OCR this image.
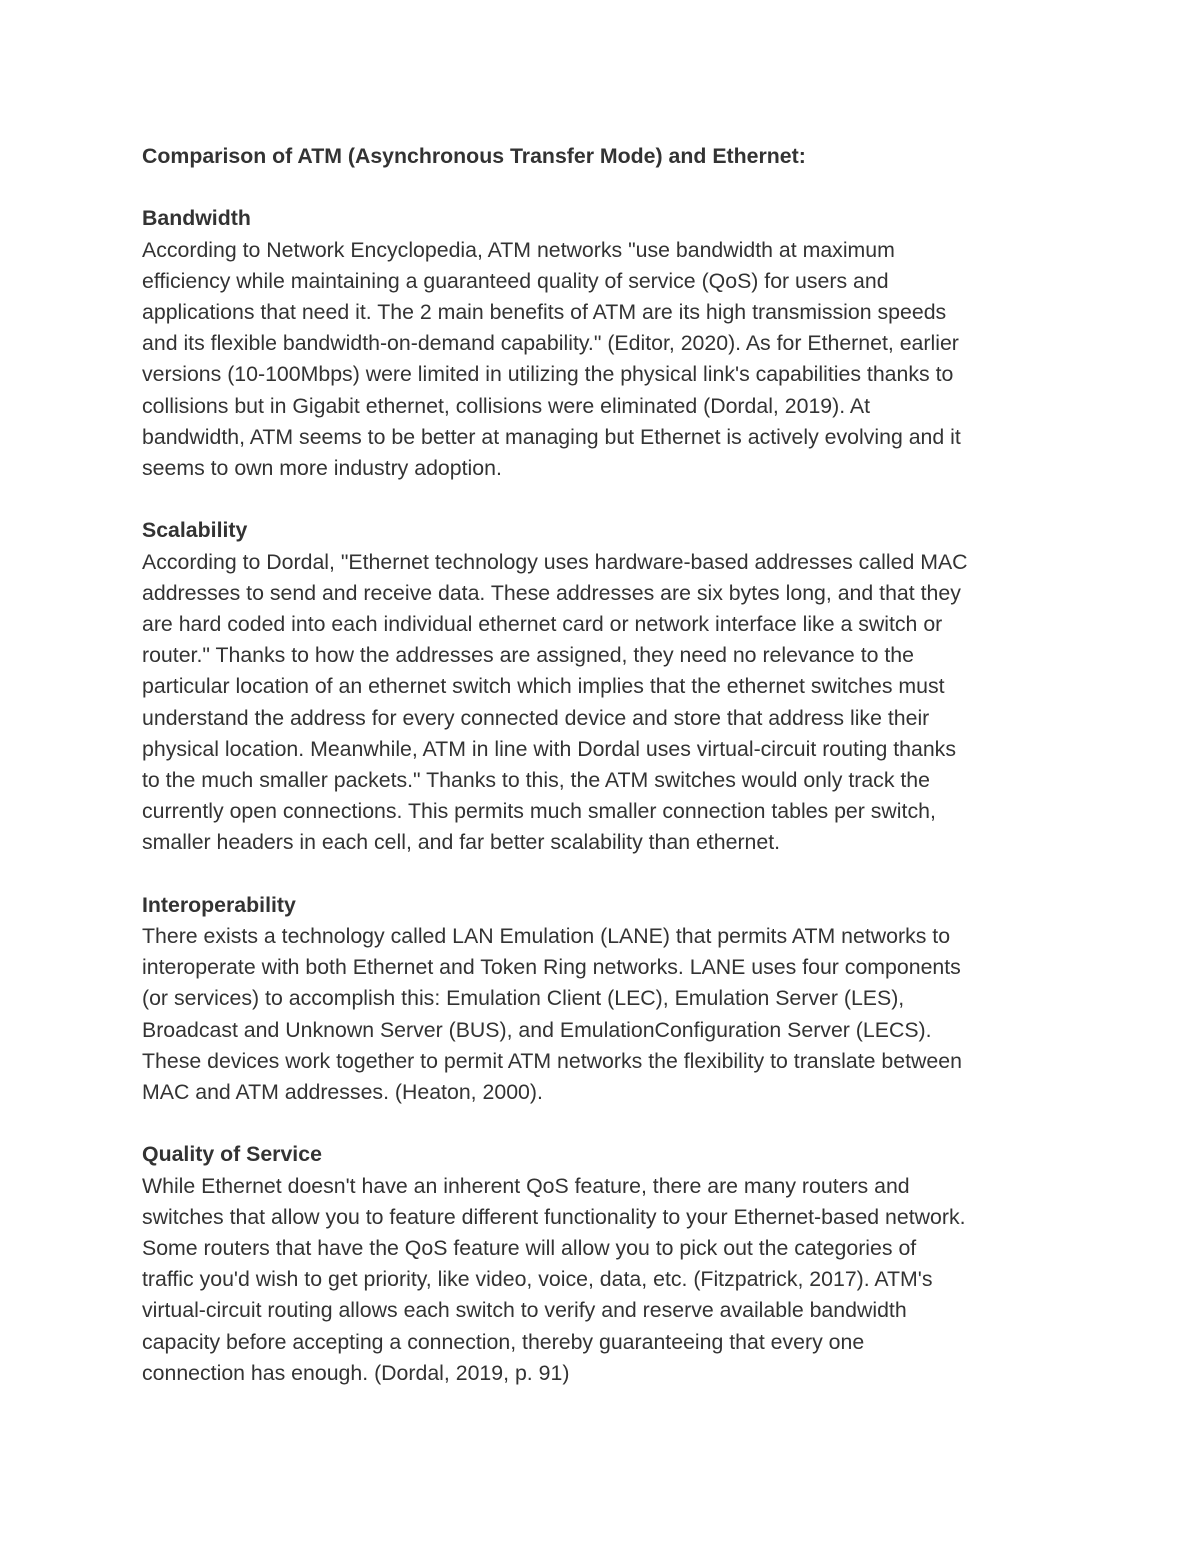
Comparison of ATM (Asynchronous Transfer Mode) and Ethernet:
Bandwidth
According to Network Encyclopedia, ATM networks "use bandwidth at maximum
efficiency while maintaining a guaranteed quality of service (QoS) for users and
applications that need it. The 2 main benefits of ATM are its high transmission speeds
and its flexible bandwidth-on-demand capability." (Editor, 2020). As for Ethernet, earlier
versions (10-100Mbps) were limited in utilizing the physical link's capabilities thanks to
collisions but in Gigabit ethernet, collisions were eliminated (Dordal, 2019). At
bandwidth, ATM seems to be better at managing but Ethernet is actively evolving and it
seems to own more industry adoption.
Scalability
According to Dordal, "Ethernet technology uses hardware-based addresses called MAC
addresses to send and receive data. These addresses are six bytes long, and that they
are hard coded into each individual ethernet card or network interface like a switch or
router." Thanks to how the addresses are assigned, they need no relevance to the
particular location of an ethernet switch which implies that the ethernet switches must
understand the address for every connected device and store that address like their
physical location. Meanwhile, ATM in line with Dordal uses virtual-circuit routing thanks
to the much smaller packets." Thanks to this, the ATM switches would only track the
currently open connections. This permits much smaller connection tables per switch,
smaller headers in each cell, and far better scalability than ethernet.
Interoperability
There exists a technology called LAN Emulation (LANE) that permits ATM networks to
interoperate with both Ethernet and Token Ring networks. LANE uses four components
(or services) to accomplish this: Emulation Client (LEC), Emulation Server (LES),
Broadcast and Unknown Server (BUS), and EmulationConfiguration Server (LECS).
These devices work together to permit ATM networks the flexibility to translate between
MAC and ATM addresses. (Heaton, 2000).
Quality of Service
While Ethernet doesn't have an inherent QoS feature, there are many routers and
switches that allow you to feature different functionality to your Ethernet-based network.
Some routers that have the QoS feature will allow you to pick out the categories of
traffic you'd wish to get priority, like video, voice, data, etc. (Fitzpatrick, 2017). ATM's
virtual-circuit routing allows each switch to verify and reserve available bandwidth
capacity before accepting a connection, thereby guaranteeing that every one
connection has enough. (Dordal, 2019, p. 91)
